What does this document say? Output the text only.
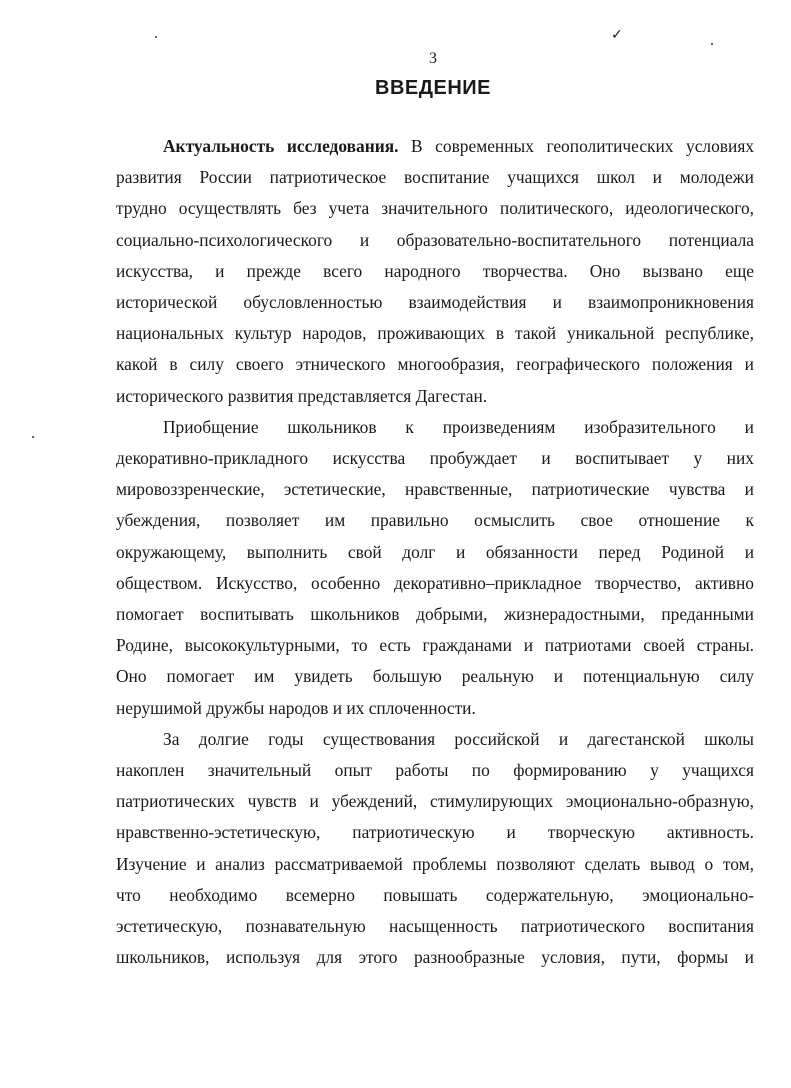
✓
3
ВВЕДЕНИЕ
Актуальность исследования. В современных геополитических условиях
развития России патриотическое воспитание учащихся школ и молодежи
трудно осуществлять без учета значительного политического, идеологического,
социально-психологического и образовательно-воспитательного потенциала
искусства, и прежде всего народного творчества. Оно вызвано еще
исторической обусловленностью взаимодействия и взаимопроникновения
национальных культур народов, проживающих в такой уникальной республике,
какой в силу своего этнического многообразия, географического положения и
исторического развития представляется Дагестан.
Приобщение школьников к произведениям изобразительного и
декоративно-прикладного искусства пробуждает и воспитывает у них
мировоззренческие, эстетические, нравственные, патриотические чувства и
убеждения, позволяет им правильно осмыслить свое отношение к
окружающему, выполнить свой долг и обязанности перед Родиной и
обществом. Искусство, особенно декоративно–прикладное творчество, активно
помогает воспитывать школьников добрыми, жизнерадостными, преданными
Родине, высококультурными, то есть гражданами и патриотами своей страны.
Оно помогает им увидеть большую реальную и потенциальную силу
нерушимой дружбы народов и их сплоченности.
За долгие годы существования российской и дагестанской школы
накоплен значительный опыт работы по формированию у учащихся
патриотических чувств и убеждений, стимулирующих эмоционально-образную,
нравственно-эстетическую, патриотическую и творческую активность.
Изучение и анализ рассматриваемой проблемы позволяют сделать вывод о том,
что необходимо всемерно повышать содержательную, эмоционально-
эстетическую, познавательную насыщенность патриотического воспитания
школьников, используя для этого разнообразные условия, пути, формы и
